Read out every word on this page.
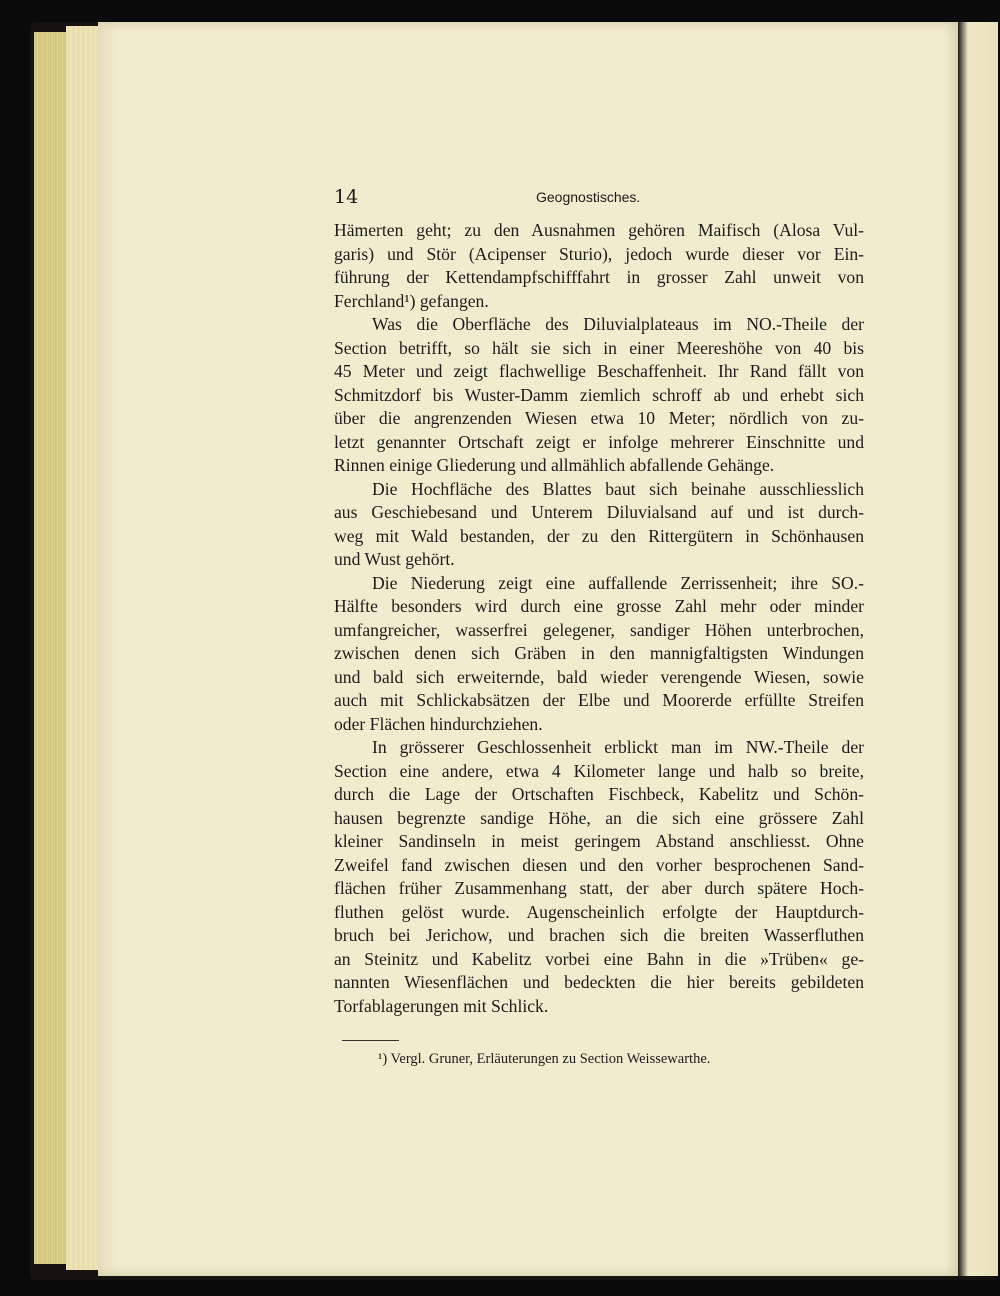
14	Geognostisches.

Hämerten geht; zu den Ausnahmen gehören Maifisch (Alosa Vul-
garis) und Stör (Acipenser Sturio), jedoch wurde dieser vor Ein-
führung der Kettendampfschifffahrt in grosser Zahl unweit von
Ferchland¹) gefangen.

Was die Oberfläche des Diluvialplateaus im NO.-Theile der
Section betrifft, so hält sie sich in einer Meereshöhe von 40 bis
45 Meter und zeigt flachwellige Beschaffenheit. Ihr Rand fällt von
Schmitzdorf bis Wuster-Damm ziemlich schroff ab und erhebt sich
über die angrenzenden Wiesen etwa 10 Meter; nördlich von zu-
letzt genannter Ortschaft zeigt er infolge mehrerer Einschnitte und
Rinnen einige Gliederung und allmählich abfallende Gehänge.

Die Hochfläche des Blattes baut sich beinahe ausschliesslich
aus Geschiebesand und Unterem Diluvialsand auf und ist durch-
weg mit Wald bestanden, der zu den Rittergütern in Schönhausen
und Wust gehört.

Die Niederung zeigt eine auffallende Zerrissenheit; ihre SO.-
Hälfte besonders wird durch eine grosse Zahl mehr oder minder
umfangreicher, wasserfrei gelegener, sandiger Höhen unterbrochen,
zwischen denen sich Gräben in den mannigfaltigsten Windungen
und bald sich erweiternde, bald wieder verengende Wiesen, sowie
auch mit Schlickabsätzen der Elbe und Moorerde erfüllte Streifen
oder Flächen hindurchziehen.

In grösserer Geschlossenheit erblickt man im NW.-Theile der
Section eine andere, etwa 4 Kilometer lange und halb so breite,
durch die Lage der Ortschaften Fischbeck, Kabelitz und Schön-
hausen begrenzte sandige Höhe, an die sich eine grössere Zahl
kleiner Sandinseln in meist geringem Abstand anschliesst. Ohne
Zweifel fand zwischen diesen und den vorher besprochenen Sand-
flächen früher Zusammenhang statt, der aber durch spätere Hoch-
fluthen gelöst wurde. Augenscheinlich erfolgte der Hauptdurch-
bruch bei Jerichow, und brachen sich die breiten Wasserfluthen
an Steinitz und Kabelitz vorbei eine Bahn in die »Trüben« ge-
nannten Wiesenflächen und bedeckten die hier bereits gebildeten
Torfablagerungen mit Schlick.

¹) Vergl. Gruner, Erläuterungen zu Section Weissewarthe.
